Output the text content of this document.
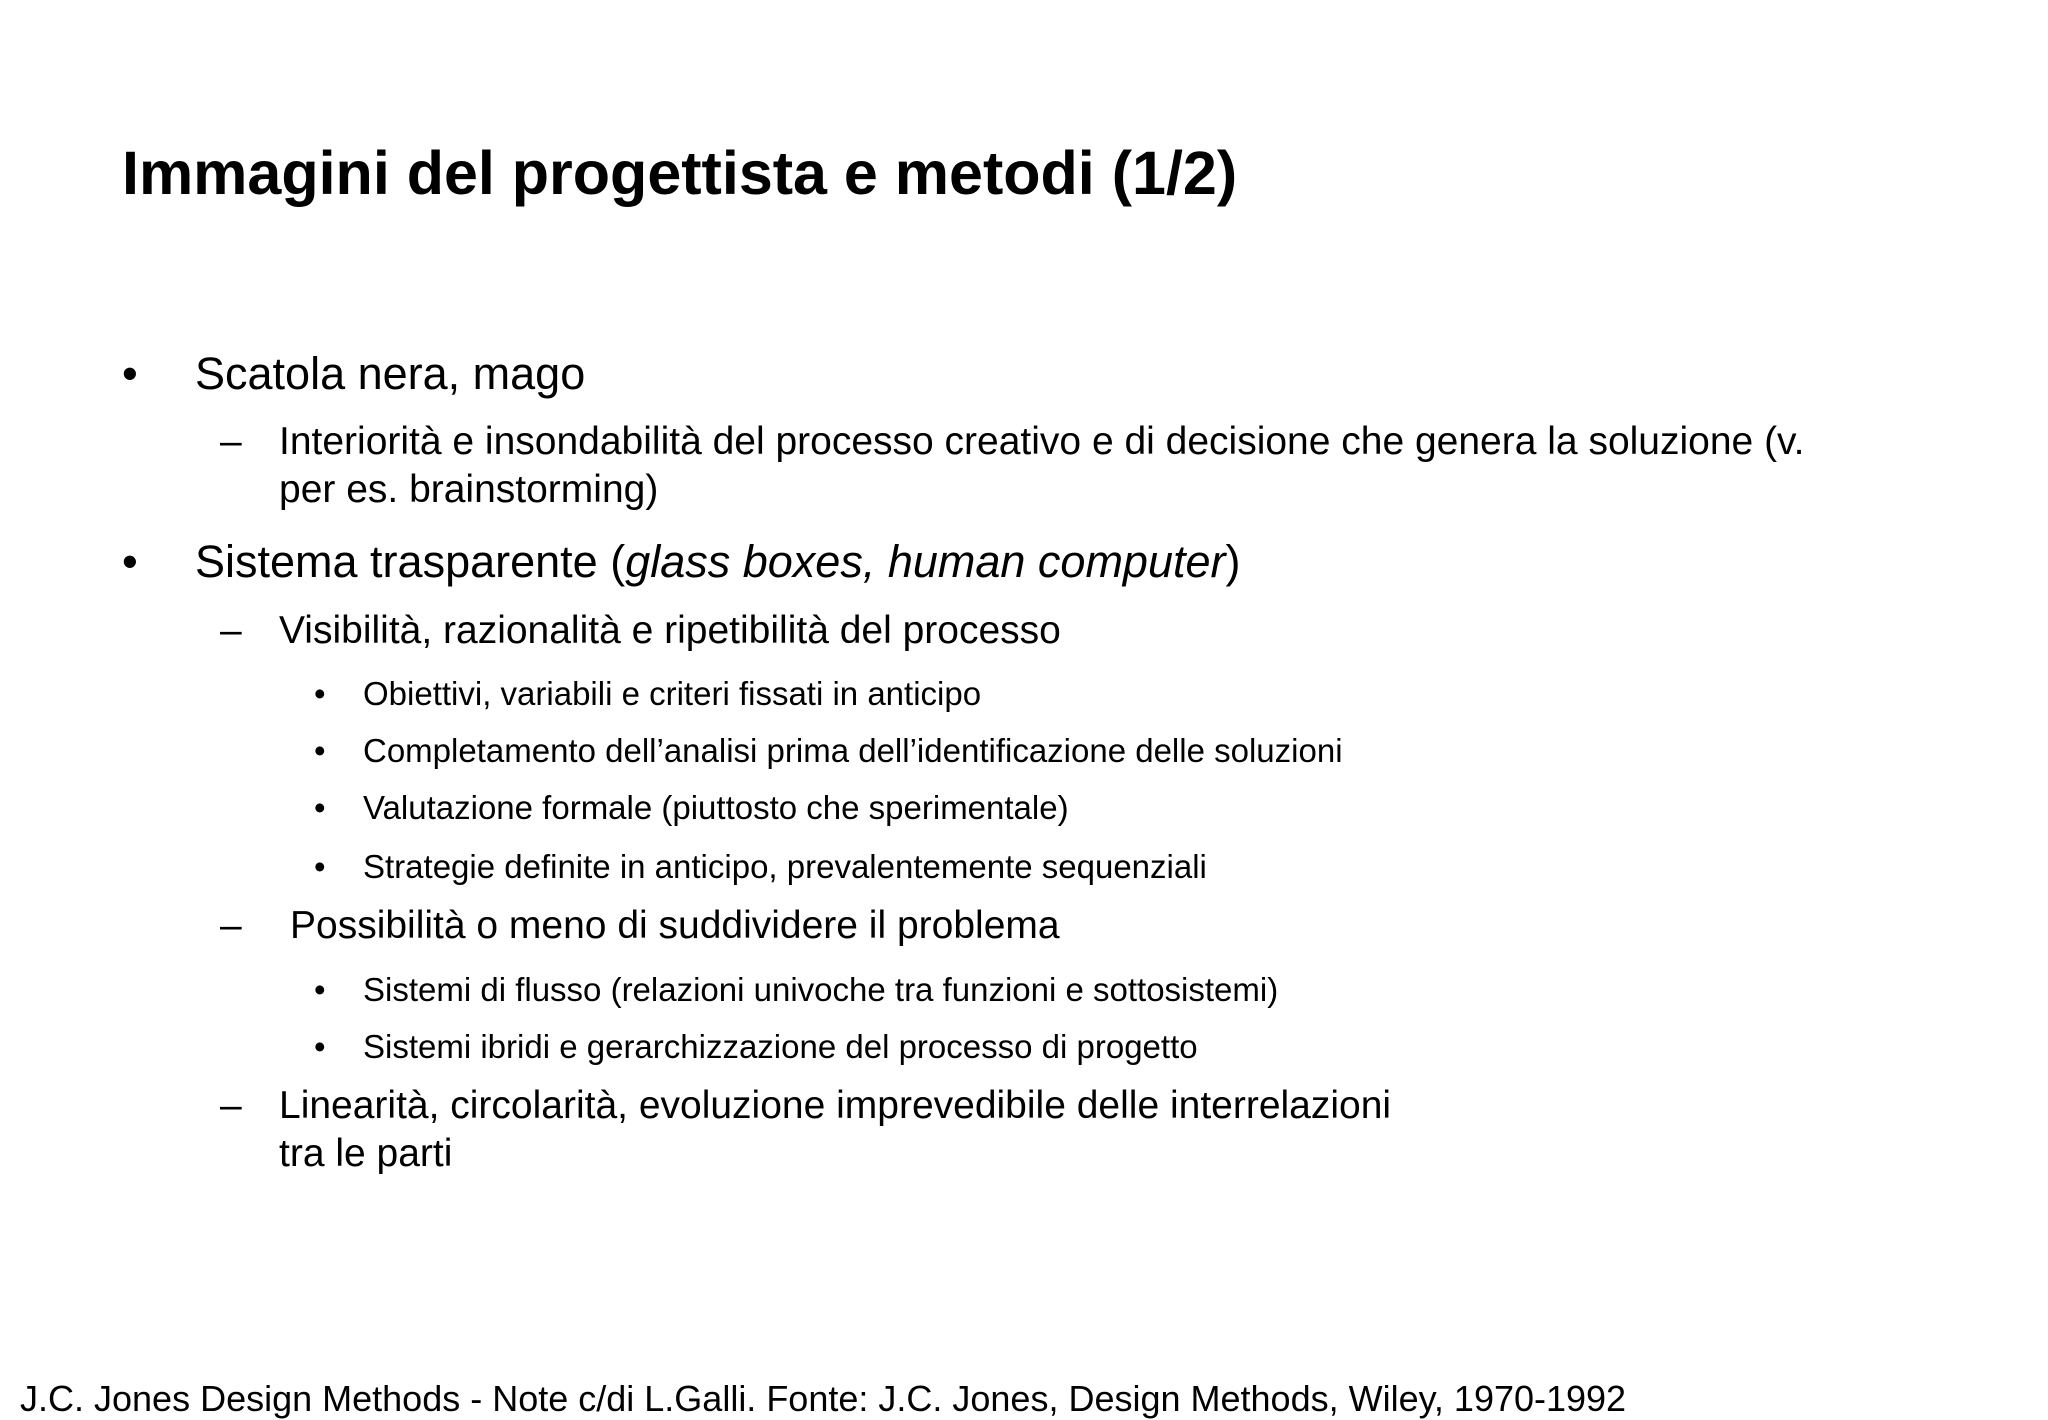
Immagini del progettista e metodi (1/2)
• Scatola nera, mago
– Interiorità e insondabilità del processo creativo e di decisione che genera la soluzione (v.
per es. brainstorming)
• Sistema trasparente (glass boxes, human computer)
– Visibilità, razionalità e ripetibilità del processo
• Obiettivi, variabili e criteri fissati in anticipo
• Completamento dell’analisi prima dell’identificazione delle soluzioni
• Valutazione formale (piuttosto che sperimentale)
• Strategie definite in anticipo, prevalentemente sequenziali
– Possibilità o meno di suddividere il problema
• Sistemi di flusso (relazioni univoche tra funzioni e sottosistemi)
• Sistemi ibridi e gerarchizzazione del processo di progetto
– Linearità, circolarità, evoluzione imprevedibile delle interrelazioni
tra le parti
J.C. Jones Design Methods - Note c/di L.Galli. Fonte: J.C. Jones, Design Methods, Wiley, 1970-1992
